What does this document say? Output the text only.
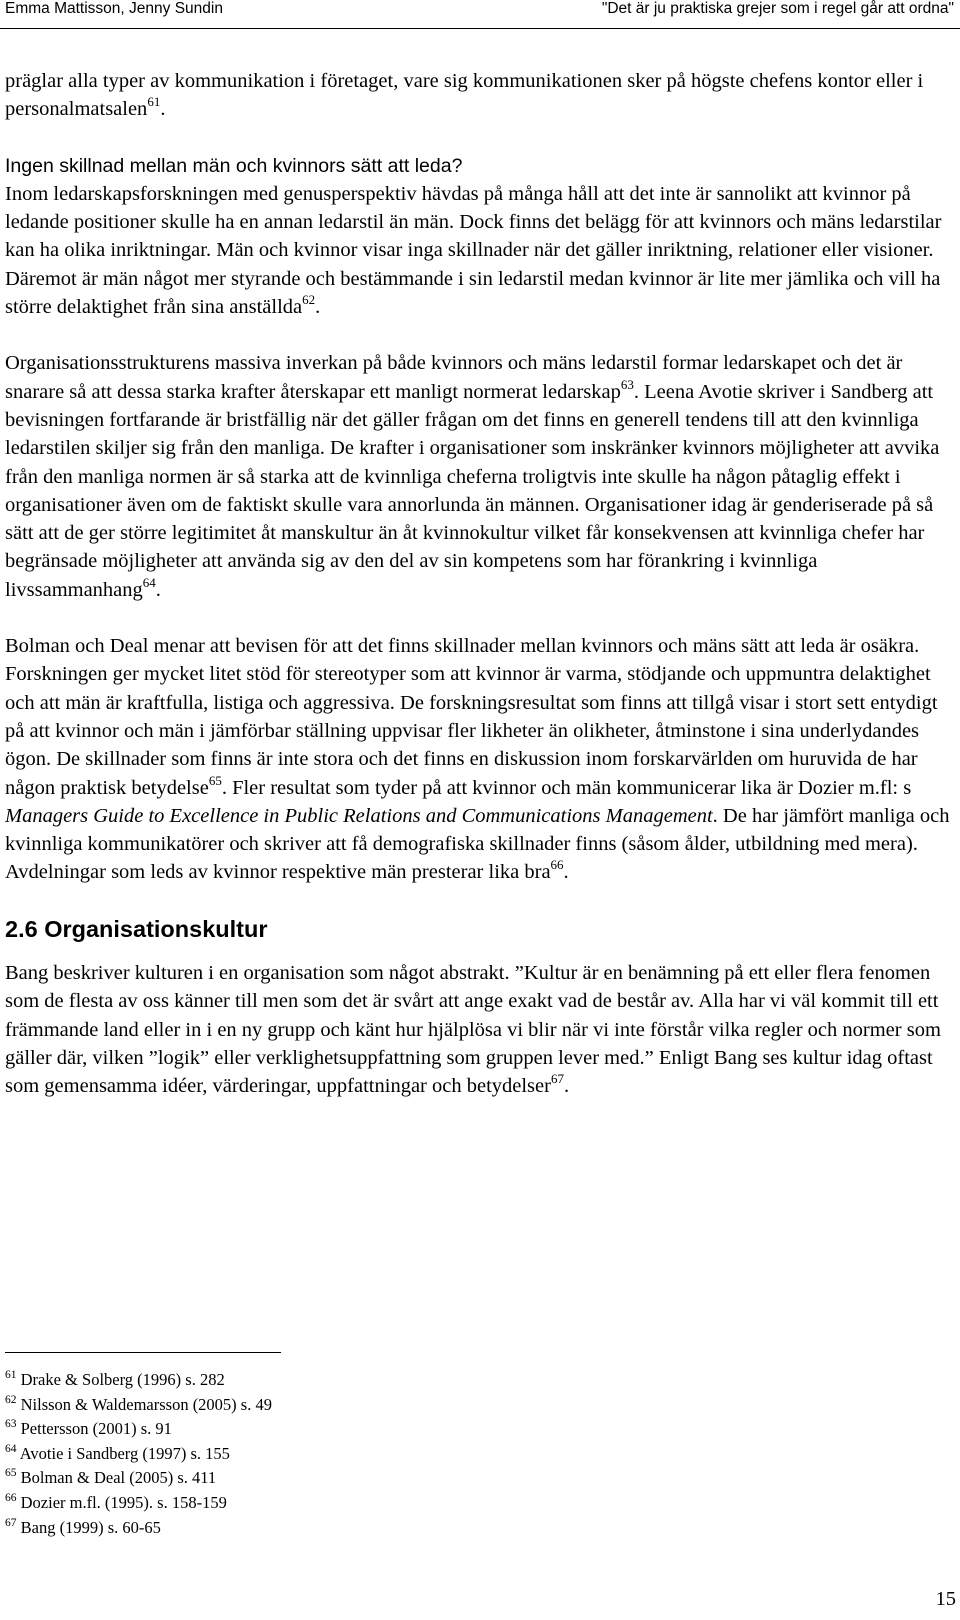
Emma Mattisson, Jenny Sundin	"Det är ju praktiska grejer som i regel går att ordna"

präglar alla typer av kommunikation i företaget, vare sig kommunikationen sker på högste chefens kontor eller i personalmatsalen$^{61}$.

Ingen skillnad mellan män och kvinnors sätt att leda?

Inom ledarskapsforskningen med genusperspektiv hävdas på många håll att det inte är sannolikt att kvinnor på ledande positioner skulle ha en annan ledarstil än män. Dock finns det belägg för att kvinnors och mäns ledarstilar kan ha olika inriktningar. Män och kvinnor visar inga skillnader när det gäller inriktning, relationer eller visioner. Däremot är män något mer styrande och bestämmande i sin ledarstil medan kvinnor är lite mer jämlika och vill ha större delaktighet från sina anställda$^{62}$.

Organisationsstrukturens massiva inverkan på både kvinnors och mäns ledarstil formar ledarskapet och det är snarare så att dessa starka krafter återskapar ett manligt normerat ledarskap$^{63}$. Leena Avotie skriver i Sandberg att bevisningen fortfarande är bristfällig när det gäller frågan om det finns en generell tendens till att den kvinnliga ledarstilen skiljer sig från den manliga. De krafter i organisationer som inskränker kvinnors möjligheter att avvika från den manliga normen är så starka att de kvinnliga cheferna troligtvis inte skulle ha någon påtaglig effekt i organisationer även om de faktiskt skulle vara annorlunda än männen. Organisationer idag är genderiserade på så sätt att de ger större legitimitet åt manskultur än åt kvinnokultur vilket får konsekvensen att kvinnliga chefer har begränsade möjligheter att använda sig av den del av sin kompetens som har förankring i kvinnliga livssammanhang$^{64}$.

Bolman och Deal menar att bevisen för att det finns skillnader mellan kvinnors och mäns sätt att leda är osäkra. Forskningen ger mycket litet stöd för stereotyper som att kvinnor är varma, stödjande och uppmuntra delaktighet och att män är kraftfulla, listiga och aggressiva. De forskningsresultat som finns att tillgå visar i stort sett entydigt på att kvinnor och män i jämförbar ställning uppvisar fler likheter än olikheter, åtminstone i sina underlydandes ögon. De skillnader som finns är inte stora och det finns en diskussion inom forskarvärlden om huruvida de har någon praktisk betydelse$^{65}$. Fler resultat som tyder på att kvinnor och män kommunicerar lika är Dozier m.fl: s Managers Guide to Excellence in Public Relations and Communications Management. De har jämfört manliga och kvinnliga kommunikatörer och skriver att få demografiska skillnader finns (såsom ålder, utbildning med mera). Avdelningar som leds av kvinnor respektive män presterar lika bra$^{66}$.

2.6 Organisationskultur

Bang beskriver kulturen i en organisation som något abstrakt. ”Kultur är en benämning på ett eller flera fenomen som de flesta av oss känner till men som det är svårt att ange exakt vad de består av. Alla har vi väl kommit till ett främmande land eller in i en ny grupp och känt hur hjälplösa vi blir när vi inte förstår vilka regler och normer som gäller där, vilken ”logik” eller verklighetsuppfattning som gruppen lever med.” Enligt Bang ses kultur idag oftast som gemensamma idéer, värderingar, uppfattningar och betydelser$^{67}$.

$^{61}$ Drake & Solberg (1996) s. 282
$^{62}$ Nilsson & Waldemarsson (2005) s. 49
$^{63}$ Pettersson (2001) s. 91
$^{64}$ Avotie i Sandberg (1997) s. 155
$^{65}$ Bolman & Deal (2005) s. 411
$^{66}$ Dozier m.fl. (1995). s. 158-159
$^{67}$ Bang (1999) s. 60-65
15
